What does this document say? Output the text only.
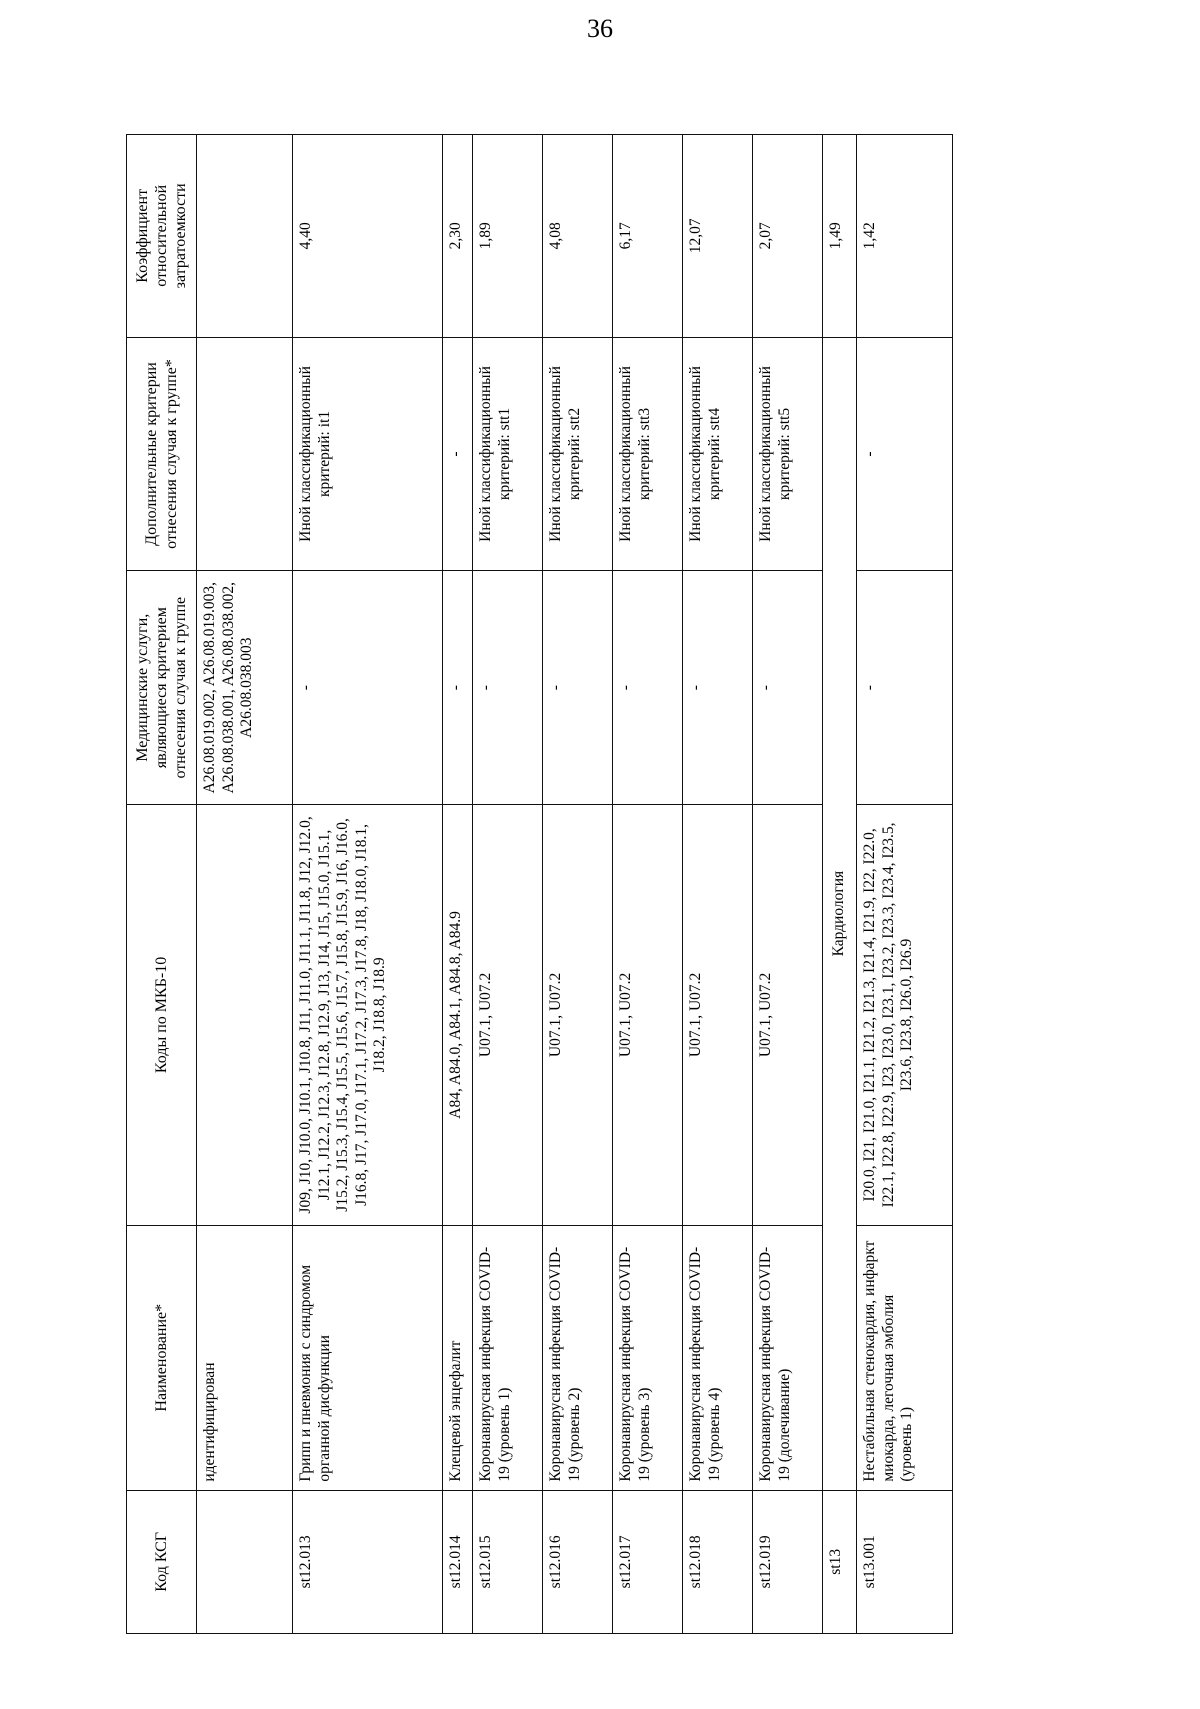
36
Код КСГ	Наименование*	Коды по МКБ-10	Медицинские услуги, являющиеся критерием отнесения случая к группе	Дополнительные критерии отнесения случая к группе*	Коэффициент относительной затратоемкости
	идентифицирован		A26.08.019.002, A26.08.019.003, A26.08.038.001, A26.08.038.002, A26.08.038.003		
st12.013	Грипп и пневмония с синдромом органной дисфункции	J09, J10, J10.0, J10.1, J10.8, J11, J11.0, J11.1, J11.8, J12, J12.0, J12.1, J12.2, J12.3, J12.8, J12.9, J13, J14, J15, J15.0, J15.1, J15.2, J15.3, J15.4, J15.5, J15.6, J15.7, J15.8, J15.9, J16, J16.0, J16.8, J17, J17.0, J17.1, J17.2, J17.3, J17.8, J18, J18.0, J18.1, J18.2, J18.8, J18.9	-	Иной классификационный критерий: it1	4,40
st12.014	Клещевой энцефалит	A84, A84.0, A84.1, A84.8, A84.9	-	-	2,30
st12.015	Коронавирусная инфекция COVID-19 (уровень 1)	U07.1, U07.2	-	Иной классификационный критерий: stt1	1,89
st12.016	Коронавирусная инфекция COVID-19 (уровень 2)	U07.1, U07.2	-	Иной классификационный критерий: stt2	4,08
st12.017	Коронавирусная инфекция COVID-19 (уровень 3)	U07.1, U07.2	-	Иной классификационный критерий: stt3	6,17
st12.018	Коронавирусная инфекция COVID-19 (уровень 4)	U07.1, U07.2	-	Иной классификационный критерий: stt4	12,07
st12.019	Коронавирусная инфекция COVID-19 (долечивание)	U07.1, U07.2	-	Иной классификационный критерий: stt5	2,07
st13	Кардиология				1,49
st13.001	Нестабильная стенокардия, инфаркт миокарда, легочная эмболия (уровень 1)	I20.0, I21, I21.0, I21.1, I21.2, I21.3, I21.4, I21.9, I22, I22.0, I22.1, I22.8, I22.9, I23, I23.0, I23.1, I23.2, I23.3, I23.4, I23.5, I23.6, I23.8, I26.0, I26.9	-	-	1,42
